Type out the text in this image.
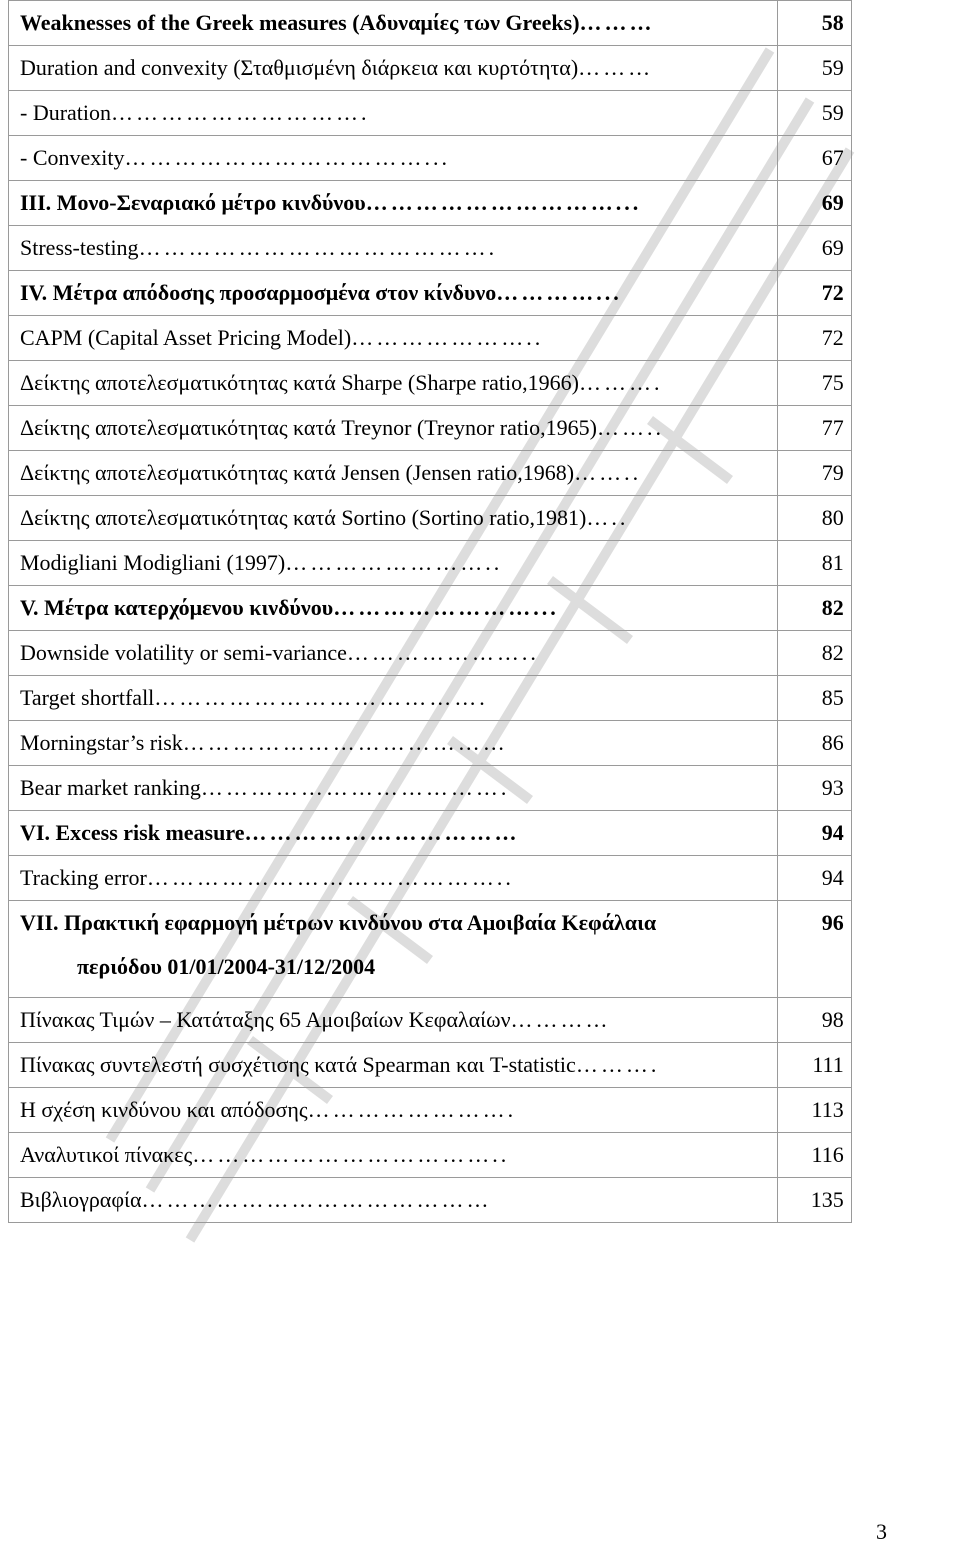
Weaknesses of the Greek measures (Αδυναμίες των Greeks)………	58
Duration and convexity (Σταθμισμένη διάρκεια και κυρτότητα)………	59
- Duration………………………….	59
- Convexity………………………………...	67
III. Μονο-Σεναριακό μέτρο κινδύνου…………………………...	69
Stress-testing…………………………………….	69
IV. Μέτρα απόδοσης προσαρμοσμένα στον κίνδυνο…………...	72
CAPM (Capital Asset Pricing Model)…………………..	72
Δείκτης αποτελεσματικότητας κατά Sharpe (Sharpe ratio,1966)……….	75
Δείκτης αποτελεσματικότητας κατά Treynor (Treynor ratio,1965)……..	77
Δείκτης αποτελεσματικότητας κατά Jensen (Jensen ratio,1968)……..	79
Δείκτης αποτελεσματικότητας κατά Sortino (Sortino ratio,1981)…..	80
Modigliani Modigliani (1997)……………………..	81
V. Μέτρα κατερχόμενου κινδύνου……………………...	82
Downside volatility or semi-variance…………………..	82
Target shortfall………………………………….	85
Morningstar’s risk…………………………………	86
Bear market ranking……………………………….	93
VI. Excess risk measure……………………………	94
Tracking error……………………………………..	94
VII. Πρακτική εφαρμογή μέτρων κινδύνου στα Αμοιβαία Κεφάλαια
περιόδου 01/01/2004-31/12/2004	96
Πίνακας Τιμών – Κατάταξης 65 Αμοιβαίων Κεφαλαίων…………	98
Πίνακας συντελεστή συσχέτισης κατά Spearman και T-statistic……….	111
Η σχέση κινδύνου και απόδοσης…………………….	113
Αναλυτικοί πίνακες………………………………..	116
Βιβλιογραφία……………………………………	135
3
